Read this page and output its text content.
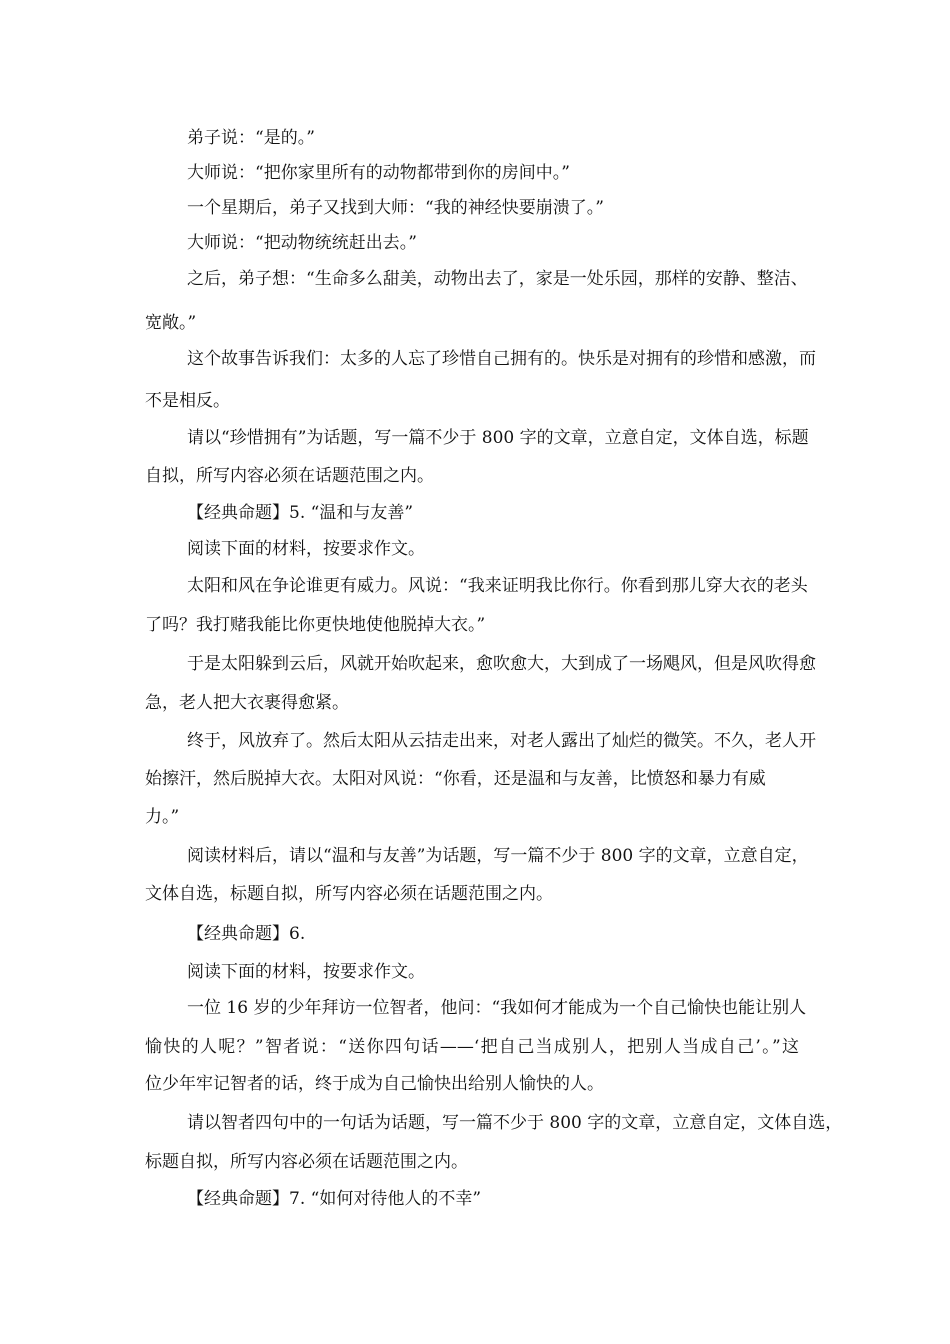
弟子说：“是的。”
大师说：“把你家里所有的动物都带到你的房间中。”
一个星期后，弟子又找到大师：“我的神经快要崩溃了。”
大师说：“把动物统统赶出去。”
之后，弟子想：“生命多么甜美，动物出去了，家是一处乐园，那样的安静、整洁、
宽敞。”
这个故事告诉我们：太多的人忘了珍惜自己拥有的。快乐是对拥有的珍惜和感激，而
不是相反。
请以“珍惜拥有”为话题，写一篇不少于 800 字的文章，立意自定，文体自选，标题
自拟，所写内容必须在话题范围之内。
【经典命题】5. “温和与友善”
阅读下面的材料，按要求作文。
太阳和风在争论谁更有威力。风说：“我来证明我比你行。你看到那儿穿大衣的老头
了吗？我打赌我能比你更快地使他脱掉大衣。”
于是太阳躲到云后，风就开始吹起来，愈吹愈大，大到成了一场飓风，但是风吹得愈
急，老人把大衣裹得愈紧。
终于，风放弃了。然后太阳从云拮走出来，对老人露出了灿烂的微笑。不久，老人开
始擦汗，然后脱掉大衣。太阳对风说：“你看，还是温和与友善，比愤怒和暴力有威
力。”
阅读材料后，请以“温和与友善”为话题，写一篇不少于 800 字的文章，立意自定，
文体自选，标题自拟，所写内容必须在话题范围之内。
【经典命题】6.
阅读下面的材料，按要求作文。
一位 16 岁的少年拜访一位智者，他问：“我如何才能成为一个自己愉快也能让别人
愉快的人呢？”智者说：“送你四句话——‘把自己当成别人，把别人当成自己’。”这
位少年牢记智者的话，终于成为自己愉快出给别人愉快的人。
请以智者四句中的一句话为话题，写一篇不少于 800 字的文章，立意自定，文体自选，
标题自拟，所写内容必须在话题范围之内。
【经典命题】7. “如何对待他人的不幸”
